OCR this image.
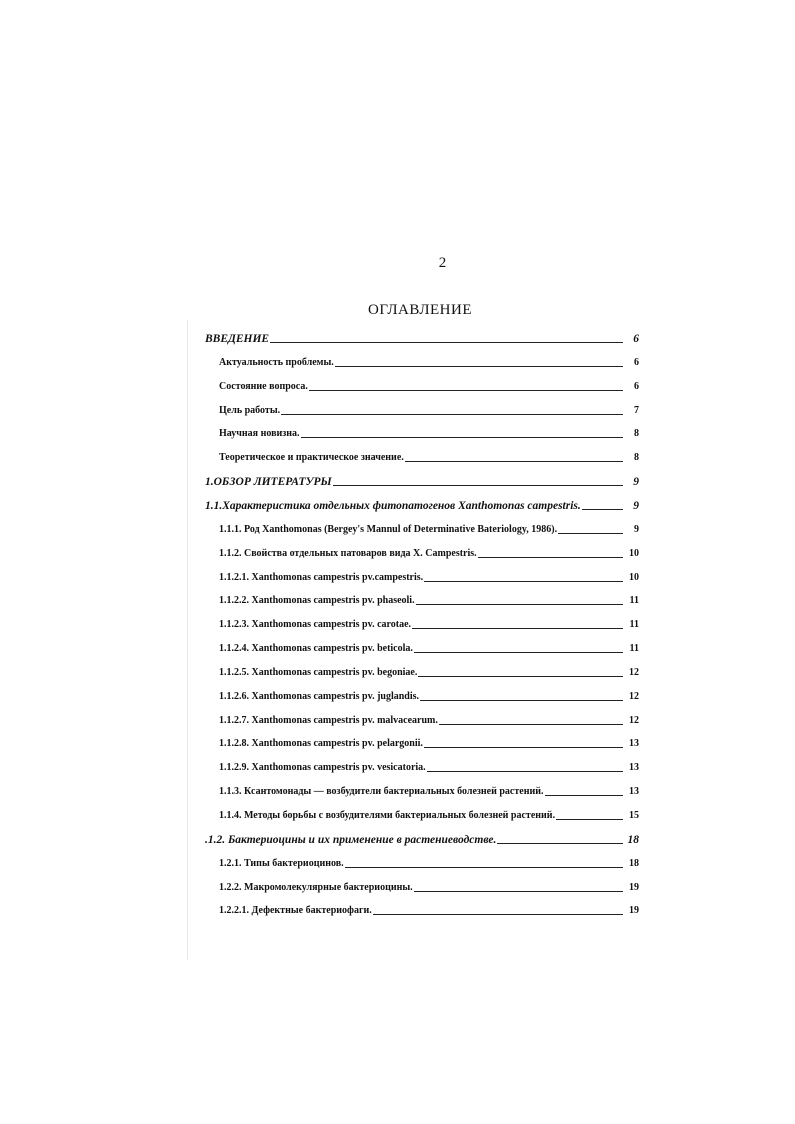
2
ОГЛАВЛЕНИЕ
ВВЕДЕНИЕ	6
Актуальность проблемы.	6
Состояние вопроса.	6
Цель работы.	7
Научная новизна.	8
Теоретическое и практическое значение.	8
1.ОБЗОР ЛИТЕРАТУРЫ	9
1.1.Характеристика отдельных фитопатогенов Xanthomonas campestris.	9
1.1.1. Род Xanthomonas (Bergey's Mannul of Determinative Bateriology, 1986).	9
1.1.2. Свойства отдельных патоваров вида X. Campestris.	10
1.1.2.1. Xanthomonas campestris pv.campestris.	10
1.1.2.2. Xanthomonas campestris pv. phaseoli.	11
1.1.2.3. Xanthomonas campestris pv. carotae.	11
1.1.2.4. Xanthomonas campestris pv. beticola.	11
1.1.2.5. Xanthomonas campestris pv. begoniae.	12
1.1.2.6. Xanthomonas campestris pv. juglandis.	12
1.1.2.7. Xanthomonas campestris pv. malvacearum.	12
1.1.2.8. Xanthomonas campestris pv. pelargonii.	13
1.1.2.9. Xanthomonas campestris pv. vesicatoria.	13
1.1.3. Ксантомонады — возбудители бактериальных болезней растений.	13
1.1.4. Методы борьбы с возбудителями бактериальных болезней растений.	15
.1.2. Бактериоцины и их применение в растениеводстве.	18
1.2.1. Типы бактериоцинов.	18
1.2.2. Макромолекулярные бактериоцины.	19
1.2.2.1. Дефектные бактериофаги.	19
